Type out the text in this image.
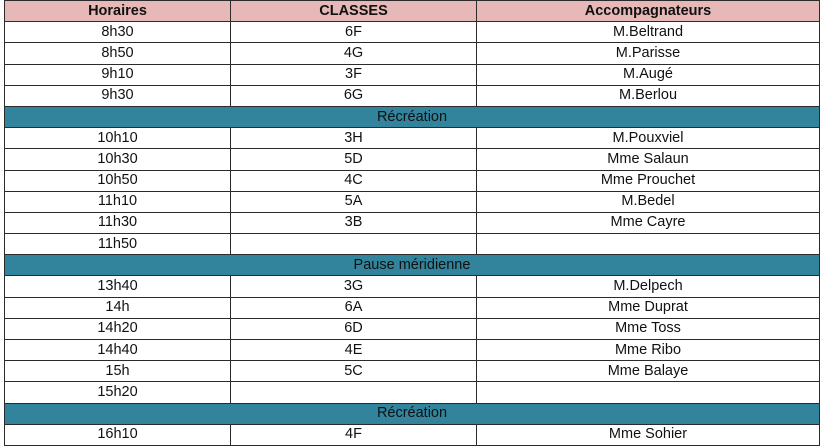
Horaires	CLASSES	Accompagnateurs
8h30	6F	M.Beltrand
8h50	4G	M.Parisse
9h10	3F	M.Augé
9h30	6G	M.Berlou
Récréation		
10h10	3H	M.Pouxviel
10h30	5D	Mme Salaun
10h50	4C	Mme Prouchet
11h10	5A	M.Bedel
11h30	3B	Mme Cayre
11h50		
Pause méridienne		
13h40	3G	M.Delpech
14h	6A	Mme Duprat
14h20	6D	Mme Toss
14h40	4E	Mme Ribo
15h	5C	Mme Balaye
15h20		
Récréation		
16h10	4F	Mme Sohier
